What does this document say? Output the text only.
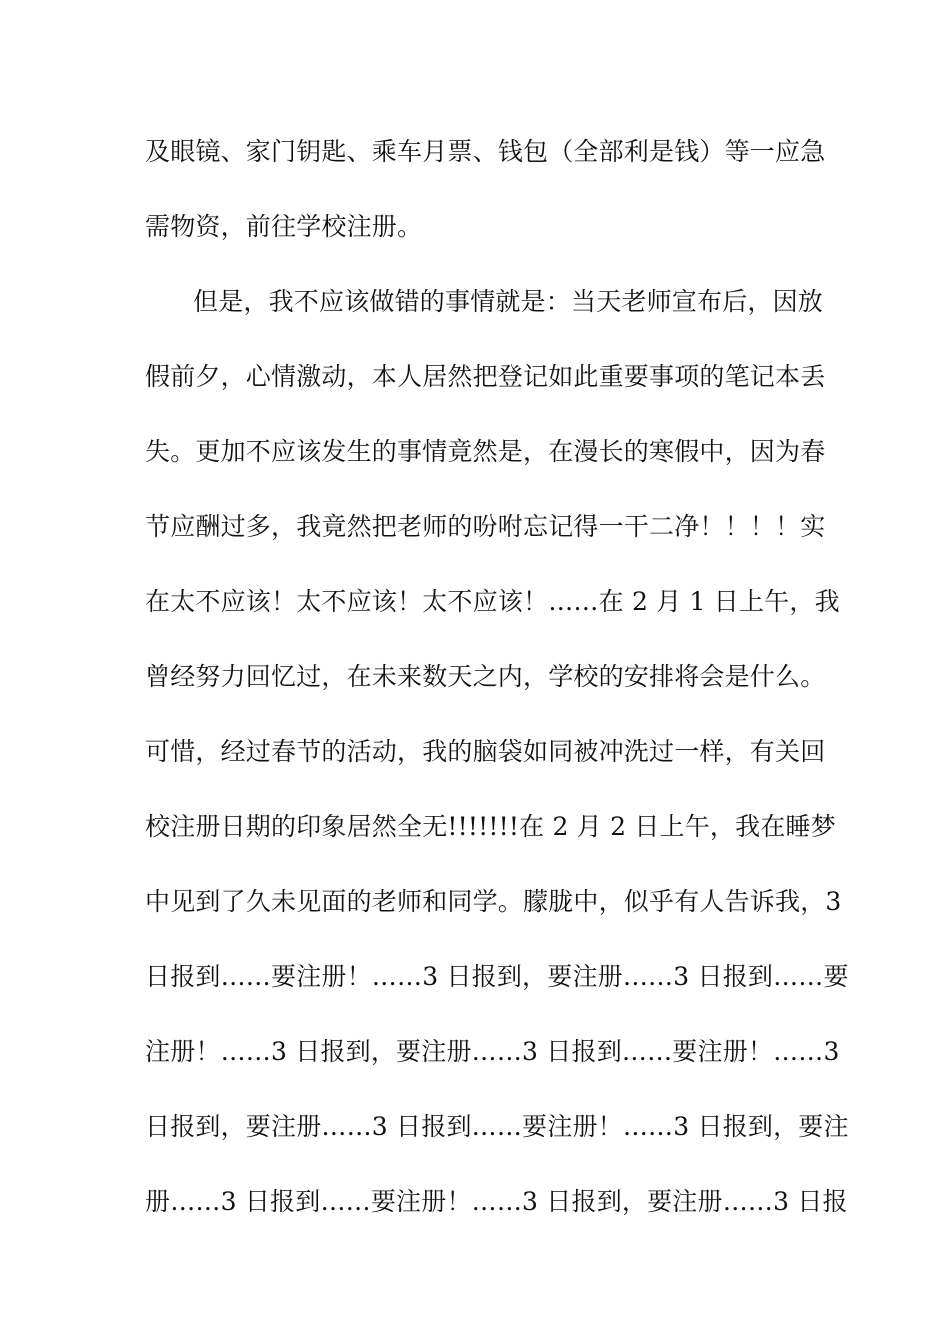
及眼镜、家门钥匙、乘车月票、钱包（全部利是钱）等一应急
需物资，前往学校注册。
但是，我不应该做错的事情就是：当天老师宣布后，因放
假前夕，心情激动，本人居然把登记如此重要事项的笔记本丢
失。更加不应该发生的事情竟然是，在漫长的寒假中，因为春
节应酬过多，我竟然把老师的吩咐忘记得一干二净！！！！实
在太不应该！太不应该！太不应该！……在 2 月 1 日上午，我
曾经努力回忆过，在未来数天之内，学校的安排将会是什么。
可惜，经过春节的活动，我的脑袋如同被冲洗过一样，有关回
校注册日期的印象居然全无!!!!!!!在 2 月 2 日上午，我在睡梦
中见到了久未见面的老师和同学。朦胧中，似乎有人告诉我，3
日报到……要注册！……3 日报到，要注册……3 日报到……要
注册！……3 日报到，要注册……3 日报到……要注册！……3
日报到，要注册……3 日报到……要注册！……3 日报到，要注
册……3 日报到……要注册！……3 日报到，要注册……3 日报
